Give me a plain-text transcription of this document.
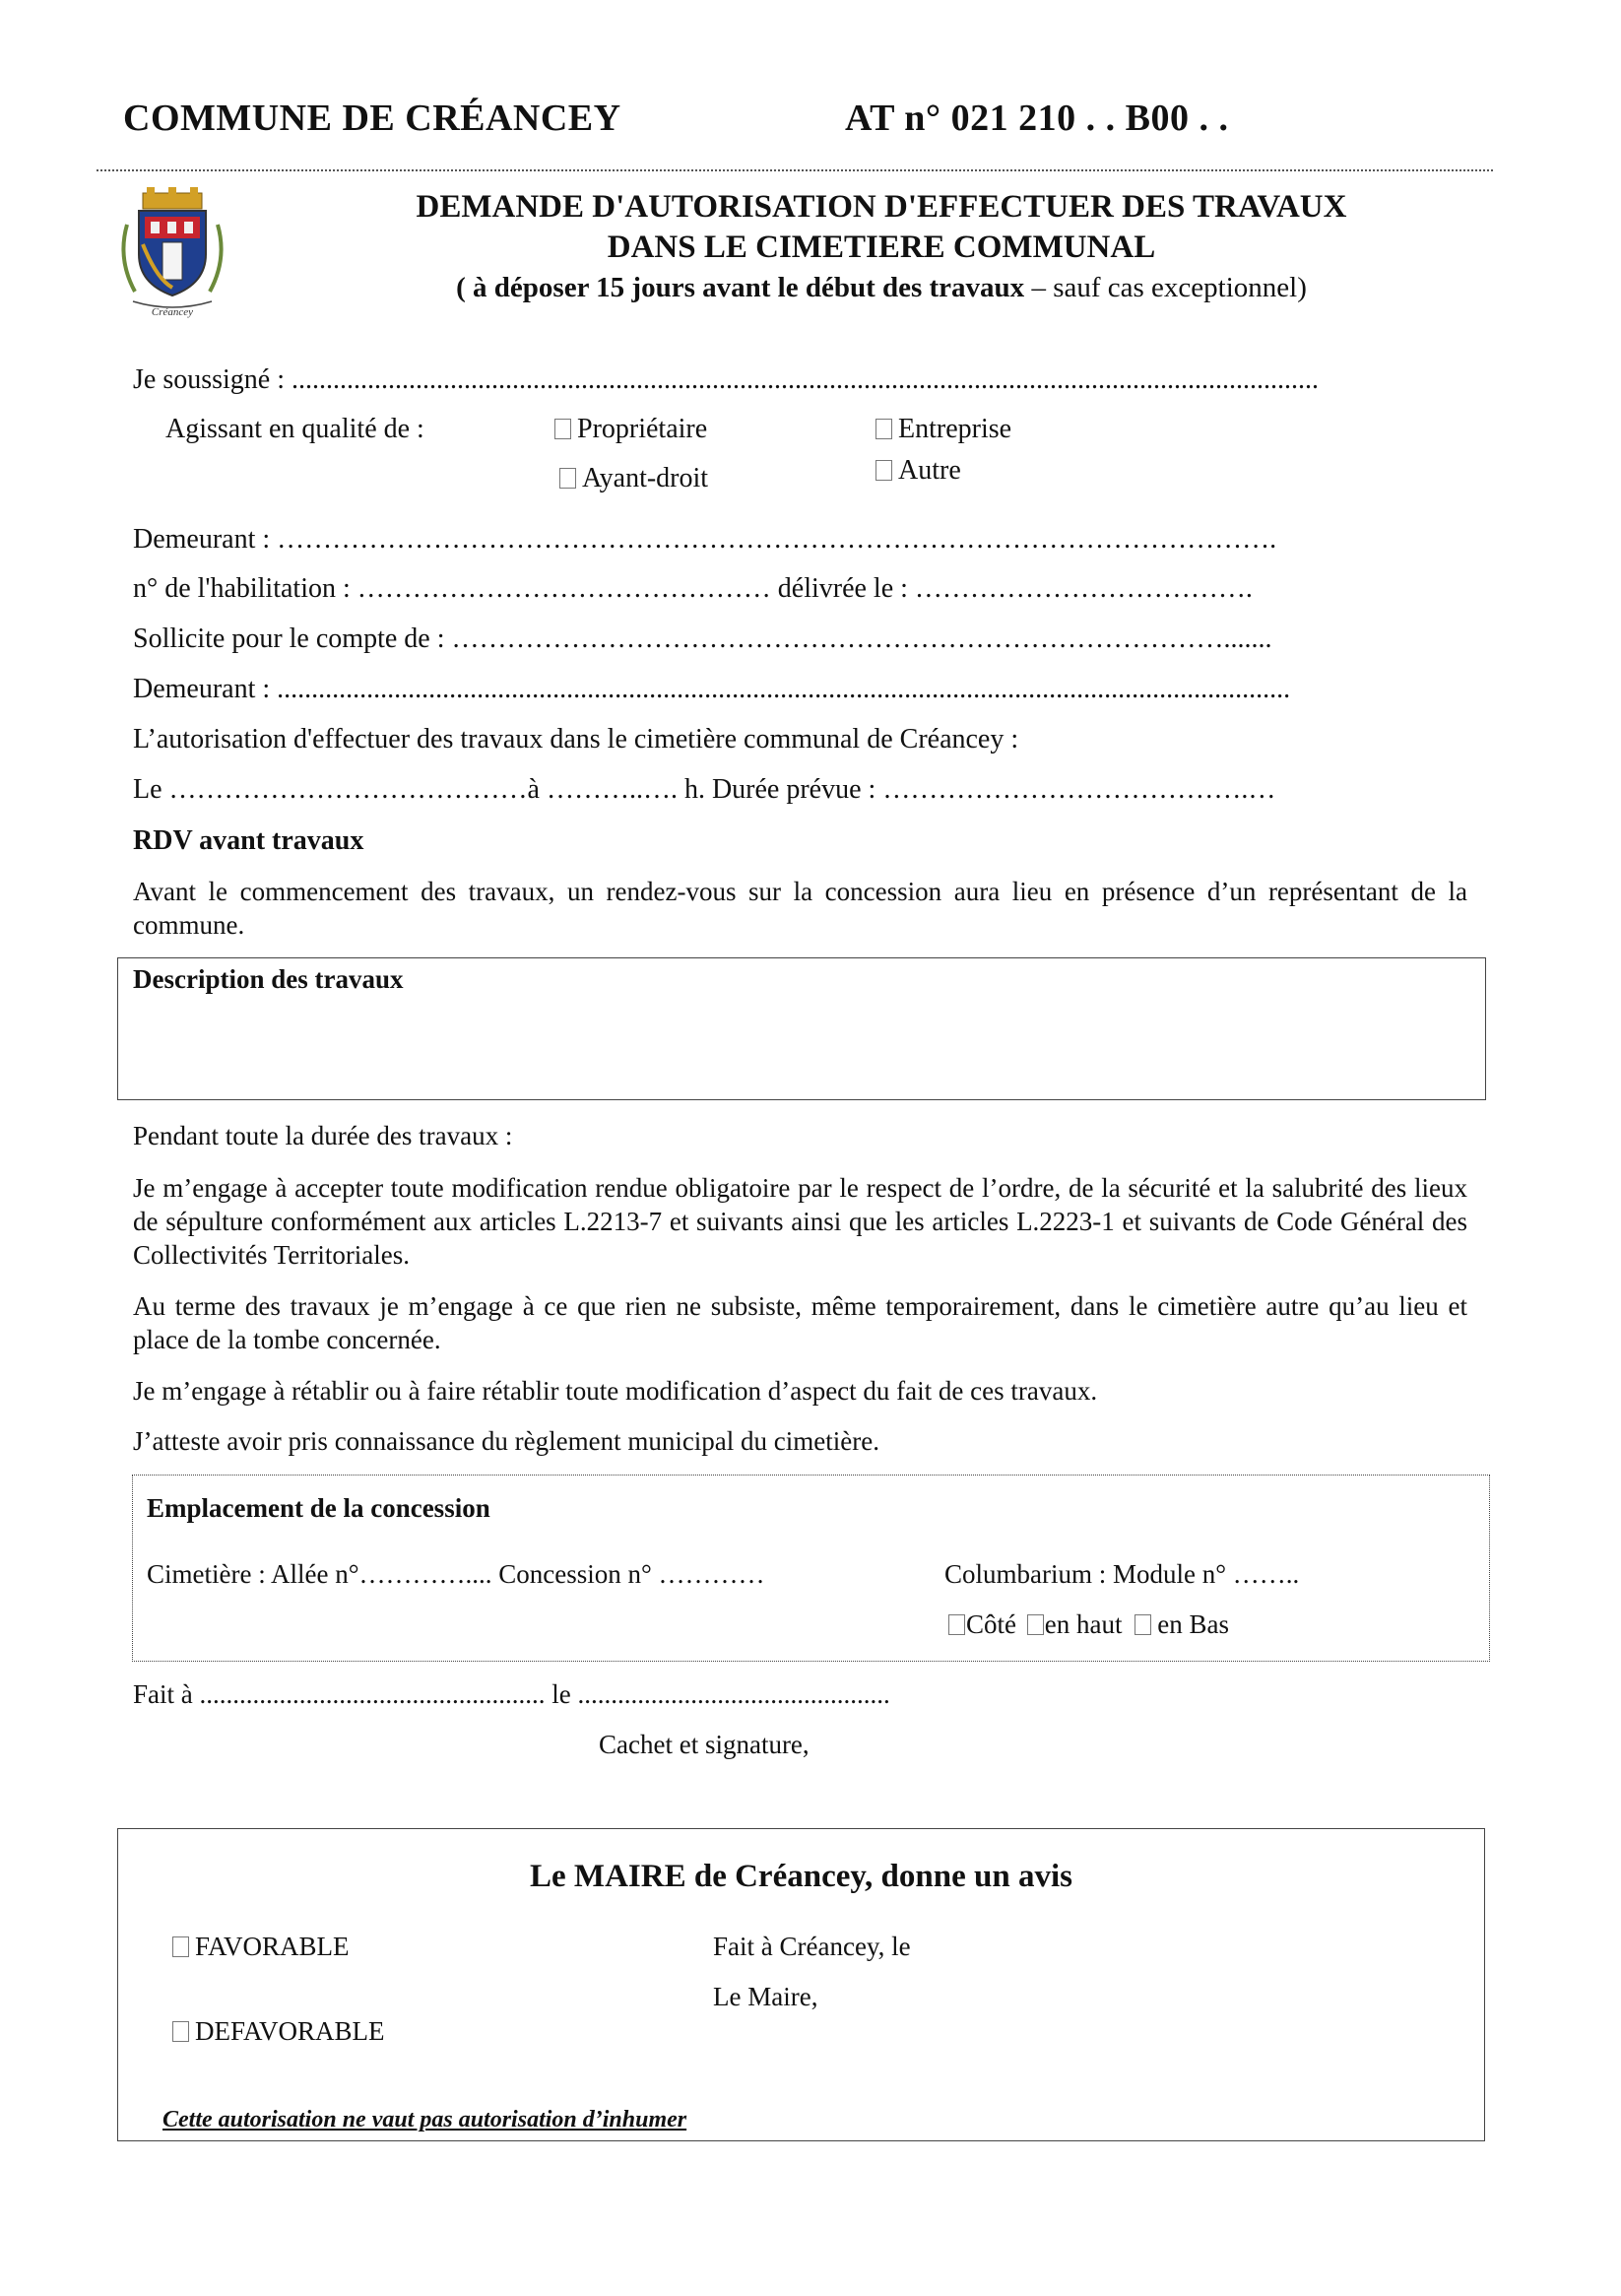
COMMUNE DE CRÉANCEY	AT n° 021 210 . . B00 . .
Créancey
DEMANDE D'AUTORISATION D'EFFECTUER DES TRAVAUX
DANS LE CIMETIERE COMMUNAL
( à déposer 15 jours avant le début des travaux – sauf cas exceptionnel)
Je soussigné : .....................................................................................................................................................
Agissant en qualité de :	Propriétaire	Entreprise
Ayant-droit	Autre
Demeurant : ……………………………………………………………………………………………….
n° de l'habilitation : ……………………………………… délivrée le : ……………………………….
Sollicite pour le compte de : ………………………………………………………………………….......
Demeurant : ...................................................................................................................................................
L’autorisation d'effectuer des travaux dans le cimetière communal de Créancey :
Le …………………………………à ………..…. h. Durée prévue : ………………………………….…
RDV avant travaux
Avant le commencement des travaux, un rendez-vous sur la concession aura lieu en présence d’un représentant de la commune.
Description des travaux
Pendant toute la durée des travaux :
Je m’engage à accepter toute modification rendue obligatoire par le respect de l’ordre, de la sécurité et la salubrité des lieux de sépulture conformément aux articles L.2213-7 et suivants ainsi que les articles L.2223-1 et suivants de Code Général des Collectivités Territoriales.
Au terme des travaux je m’engage à ce que rien ne subsiste, même temporairement, dans le cimetière autre qu’au lieu et place de la tombe concernée.
Je m’engage à rétablir ou à faire rétablir toute modification d’aspect du fait de ces travaux.
J’atteste avoir pris connaissance du règlement municipal du cimetière.
Emplacement de la concession
Cimetière : Allée n°………….... Concession n° …………	Columbarium : Module n° ……..
Côté en haut en Bas
Fait à .................................................... le ...............................................
Cachet et signature,
Le MAIRE de Créancey, donne un avis
FAVORABLE
DEFAVORABLE
Fait à Créancey, le
Le Maire,
Cette autorisation ne vaut pas autorisation d’inhumer
